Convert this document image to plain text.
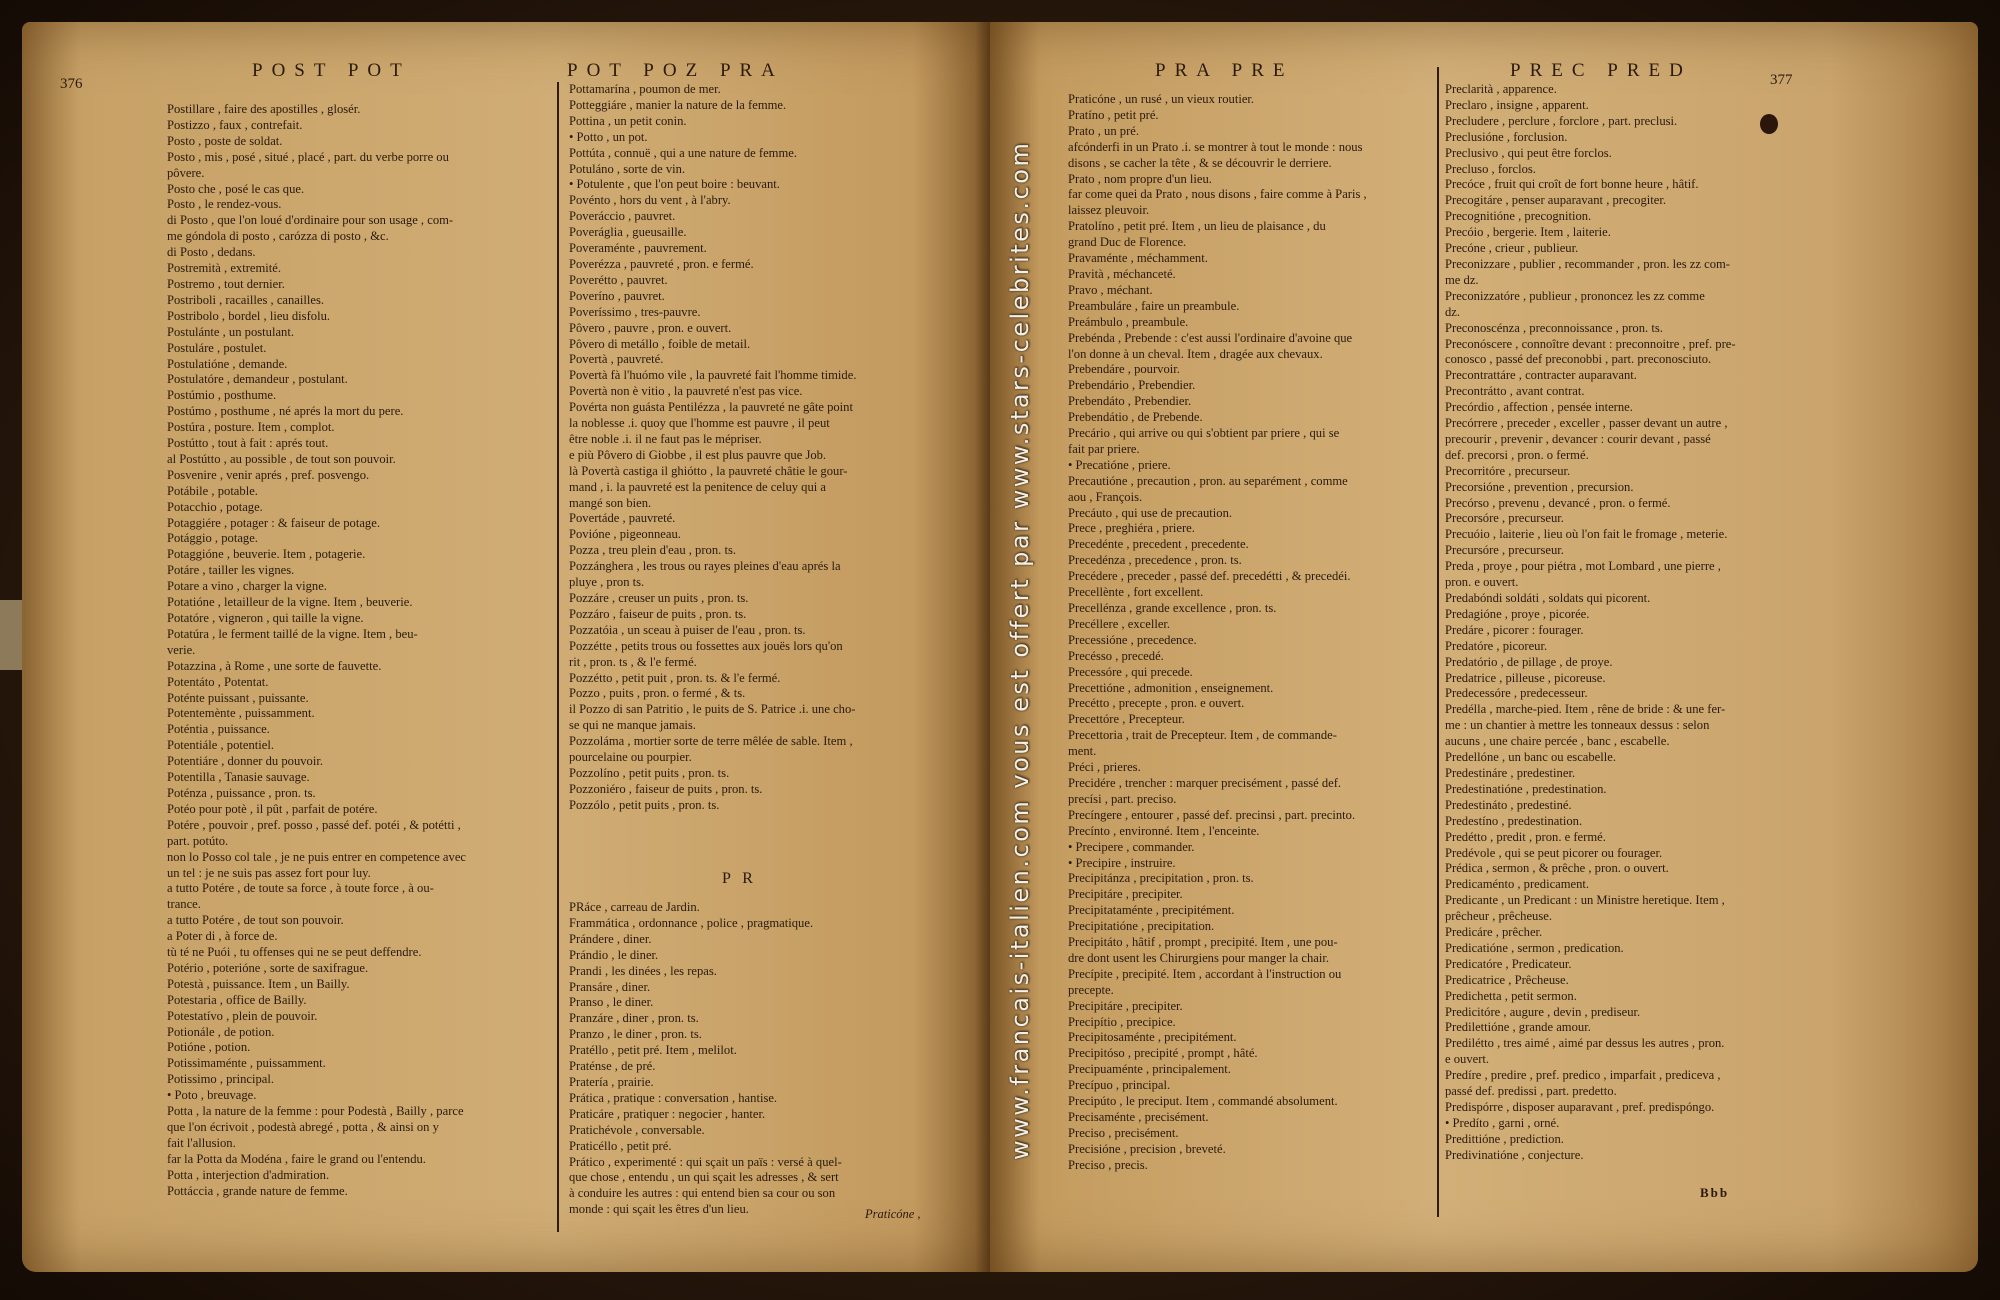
376
POST POT	POT POZ PRA
Postillare , faire des apostilles , glosér.
Postizzo , faux , contrefait.
Posto , poste de soldat.
Posto , mis , posé , situé , placé , part. du verbe porre ou
pôvere.
Posto che , posé le cas que.
Posto , le rendez-vous.
di Posto , que l'on loué d'ordinaire pour son usage , com-
me góndola di posto , carózza di posto , &c.
di Posto , dedans.
Postremità , extremité.
Postremo , tout dernier.
Postriboli , racailles , canailles.
Postribolo , bordel , lieu disfolu.
Postulánte , un postulant.
Postuláre , postulet.
Postulatióne , demande.
Postulatóre , demandeur , postulant.
Postúmio , posthume.
Postúmo , posthume , né aprés la mort du pere.
Postúra , posture. Item , complot.
Postútto , tout à fait : aprés tout.
al Postútto , au possible , de tout son pouvoir.
Posvenire , venir aprés , pref. posvengo.
Potábile , potable.
Potacchio , potage.
Potaggiére , potager : & faiseur de potage.
Potággio , potage.
Potaggióne , beuverie. Item , potagerie.
Potáre , tailler les vignes.
Potare a vino , charger la vigne.
Potatióne , letailleur de la vigne. Item , beuverie.
Potatóre , vigneron , qui taille la vigne.
Potatúra , le ferment taillé de la vigne. Item , beu-
verie.
Potazzina , à Rome , une sorte de fauvette.
Potentáto , Potentat.
Poténte puissant , puissante.
Potentemènte , puissamment.
Poténtia , puissance.
Potentiále , potentiel.
Potentiáre , donner du pouvoir.
Potentilla , Tanasie sauvage.
Poténza , puissance , pron. ts.
Potéo pour potè , il pût , parfait de potére.
Potére , pouvoir , pref. posso , passé def. potéi , & potétti ,
part. potúto.
non lo Posso col tale , je ne puis entrer en competence avec
un tel : je ne suis pas assez fort pour luy.
a tutto Potére , de toute sa force , à toute force , à ou-
trance.
a tutto Potére , de tout son pouvoir.
a Poter di , à force de.
tù té ne Puói , tu offenses qui ne se peut deffendre.
Potério , poterióne , sorte de saxifrague.
Potestà , puissance. Item , un Bailly.
Potestaria , office de Bailly.
Potestatívo , plein de pouvoir.
Potionále , de potion.
Potióne , potion.
Potissimaménte , puissamment.
Potissimo , principal.
• Poto , breuvage.
Potta , la nature de la femme : pour Podestà , Bailly , parce
que l'on écrivoit , podestà abregé , potta , & ainsi on y
fait l'allusion.
far la Potta da Modéna , faire le grand ou l'entendu.
Potta , interjection d'admiration.
Pottáccia , grande nature de femme.
Pottamarína , poumon de mer.
Potteggiáre , manier la nature de la femme.
Pottina , un petit conin.
• Potto , un pot.
Pottúta , connuë , qui a une nature de femme.
Potuláno , sorte de vin.
• Potulente , que l'on peut boire : beuvant.
Povénto , hors du vent , à l'abry.
Poveráccio , pauvret.
Poveráglia , gueusaille.
Poveraménte , pauvrement.
Poverézza , pauvreté , pron. e fermé.
Poverétto , pauvret.
Poveríno , pauvret.
Poveríssimo , tres-pauvre.
Pôvero , pauvre , pron. e ouvert.
Pôvero di metállo , foible de metail.
Povertà , pauvreté.
Povertà fà l'huómo vile , la pauvreté fait l'homme timide.
Povertà non è vitio , la pauvreté n'est pas vice.
Povérta non guásta Pentilézza , la pauvreté ne gâte point
la noblesse .i. quoy que l'homme est pauvre , il peut
être noble .i. il ne faut pas le mépriser.
e più Pôvero di Giobbe , il est plus pauvre que Job.
là Povertà castiga il ghiótto , la pauvreté châtie le gour-
mand , i. la pauvreté est la penitence de celuy qui a
mangé son bien.
Povertáde , pauvreté.
Povióne , pigeonneau.
Pozza , treu plein d'eau , pron. ts.
Pozzánghera , les trous ou rayes pleines d'eau aprés la
pluye , pron ts.
Pozzáre , creuser un puits , pron. ts.
Pozzáro , faiseur de puits , pron. ts.
Pozzatóia , un sceau à puiser de l'eau , pron. ts.
Pozzétte , petits trous ou fossettes aux jouës lors qu'on
rit , pron. ts , & l'e fermé.
Pozzétto , petit puit , pron. ts. & l'e fermé.
Pozzo , puits , pron. o fermé , & ts.
il Pozzo di san Patritio , le puits de S. Patrice .i. une cho-
se qui ne manque jamais.
Pozzoláma , mortier sorte de terre mêlée de sable. Item ,
pourcelaine ou pourpier.
Pozzolíno , petit puits , pron. ts.
Pozzoniéro , faiseur de puits , pron. ts.
Pozzólo , petit puits , pron. ts.
P R
PRáce , carreau de Jardin.
Frammática , ordonnance , police , pragmatique.
Prándere , diner.
Prándio , le diner.
Prandi , les dinées , les repas.
Pransáre , diner.
Pranso , le diner.
Pranzáre , diner , pron. ts.
Pranzo , le diner , pron. ts.
Pratéllo , petit pré. Item , melilot.
Praténse , de pré.
Pratería , prairie.
Prática , pratique : conversation , hantise.
Praticáre , pratiquer : negocier , hanter.
Pratichévole , conversable.
Praticéllo , petit pré.
Prático , experimenté : qui sçait un païs : versé à quel-
que chose , entendu , un qui sçait les adresses , & sert
à conduire les autres : qui entend bien sa cour ou son
monde : qui sçait les êtres d'un lieu.	Praticóne ,
PRA PRE	PREC PRED	377
Praticóne , un rusé , un vieux routier.
Pratíno , petit pré.
Prato , un pré.
afcónderfi in un Prato .i. se montrer à tout le monde : nous
disons , se cacher la tête , & se découvrir le derriere.
Prato , nom propre d'un lieu.
far come quei da Prato , nous disons , faire comme à Paris ,
laissez pleuvoir.
Pratolíno , petit pré. Item , un lieu de plaisance , du
grand Duc de Florence.
Pravaménte , méchamment.
Pravità , méchanceté.
Pravo , méchant.
Preambuláre , faire un preambule.
Preámbulo , preambule.
Prebénda , Prebende : c'est aussi l'ordinaire d'avoine que
l'on donne à un cheval. Item , dragée aux chevaux.
Prebendáre , pourvoir.
Prebendário , Prebendier.
Prebendáto , Prebendier.
Prebendátio , de Prebende.
Precário , qui arrive ou qui s'obtient par priere , qui se
fait par priere.
• Precatióne , priere.
Precautióne , precaution , pron. au separément , comme
aou , François.
Precáuto , qui use de precaution.
Prece , preghiéra , priere.
Precedénte , precedent , precedente.
Precedénza , precedence , pron. ts.
Precédere , preceder , passé def. precedétti , & precedéi.
Precellènte , fort excellent.
Precellénza , grande excellence , pron. ts.
Precéllere , exceller.
Precessióne , precedence.
Precésso , precedé.
Precessóre , qui precede.
Precettióne , admonition , enseignement.
Precétto , precepte , pron. e ouvert.
Precettóre , Precepteur.
Precettoria , trait de Precepteur. Item , de commande-
ment.
Préci , prieres.
Precidére , trencher : marquer precisément , passé def.
precísi , part. preciso.
Precíngere , entourer , passé def. precinsi , part. precinto.
Precínto , environné. Item , l'enceinte.
• Precipere , commander.
• Precipire , instruire.
Precipitánza , precipitation , pron. ts.
Precipitáre , precipiter.
Precipitataménte , precipitément.
Precipitatióne , precipitation.
Precipitáto , hâtif , prompt , precipité. Item , une pou-
dre dont usent les Chirurgiens pour manger la chair.
Precípite , precipité. Item , accordant à l'instruction ou
precepte.
Precipitáre , precipiter.
Precipítio , precipice.
Precipitosaménte , precipitément.
Precipitóso , precipité , prompt , hâté.
Precipuaménte , principalement.
Precípuo , principal.
Precipúto , le preciput. Item , commandé absolument.
Precisaménte , precisément.
Preciso , precisément.
Precisióne , precision , breveté.
Preciso , precis.
Preclarità , apparence.
Preclaro , insigne , apparent.
Precludere , perclure , forclore , part. preclusi.
Preclusióne , forclusion.
Preclusivo , qui peut être forclos.
Precluso , forclos.
Precóce , fruit qui croît de fort bonne heure , hâtif.
Precogitáre , penser auparavant , precogiter.
Precognitióne , precognition.
Precóio , bergerie. Item , laiterie.
Precóne , crieur , publieur.
Preconizzare , publier , recommander , pron. les zz com-
me dz.
Preconizzatóre , publieur , prononcez les zz comme
dz.
Preconoscénza , preconnoissance , pron. ts.
Preconóscere , connoître devant : preconnoitre , pref. pre-
conosco , passé def preconobbi , part. preconosciuto.
Precontrattáre , contracter auparavant.
Precontrátto , avant contrat.
Precórdio , affection , pensée interne.
Precórrere , preceder , exceller , passer devant un autre ,
precourir , prevenir , devancer : courir devant , passé
def. precorsi , pron. o fermé.
Precorritóre , precurseur.
Precorsióne , prevention , precursion.
Precórso , prevenu , devancé , pron. o fermé.
Precorsóre , precurseur.
Precuóio , laiterie , lieu où l'on fait le fromage , meterie.
Precursóre , precurseur.
Preda , proye , pour piétra , mot Lombard , une pierre ,
pron. e ouvert.
Predabóndi soldáti , soldats qui picorent.
Predagióne , proye , picorée.
Predáre , picorer : fourager.
Predatóre , picoreur.
Predatório , de pillage , de proye.
Predatrice , pilleuse , picoreuse.
Predecessóre , predecesseur.
Predélla , marche-pied. Item , rêne de bride : & une fer-
me : un chantier à mettre les tonneaux dessus : selon
aucuns , une chaire percée , banc , escabelle.
Predellóne , un banc ou escabelle.
Predestináre , predestiner.
Predestinatióne , predestination.
Predestináto , predestiné.
Predestíno , predestination.
Predétto , predit , pron. e fermé.
Predévole , qui se peut picorer ou fourager.
Prédica , sermon , & prêche , pron. o ouvert.
Predicaménto , predicament.
Predicante , un Predicant : un Ministre heretique. Item ,
prêcheur , prêcheuse.
Predicáre , prêcher.
Predicatióne , sermon , predication.
Predicatóre , Predicateur.
Predicatrice , Prêcheuse.
Predichetta , petit sermon.
Predicitóre , augure , devin , prediseur.
Predilettióne , grande amour.
Predilétto , tres aimé , aimé par dessus les autres , pron.
e ouvert.
Predíre , predire , pref. predico , imparfait , prediceva ,
passé def. predissi , part. predetto.
Predispórre , disposer auparavant , pref. predispóngo.
• Predíto , garni , orné.
Predittióne , prediction.
Predivinatióne , conjecture.
Bbb
www.francais-italien.com vous est offert par www.stars-celebrites.com
